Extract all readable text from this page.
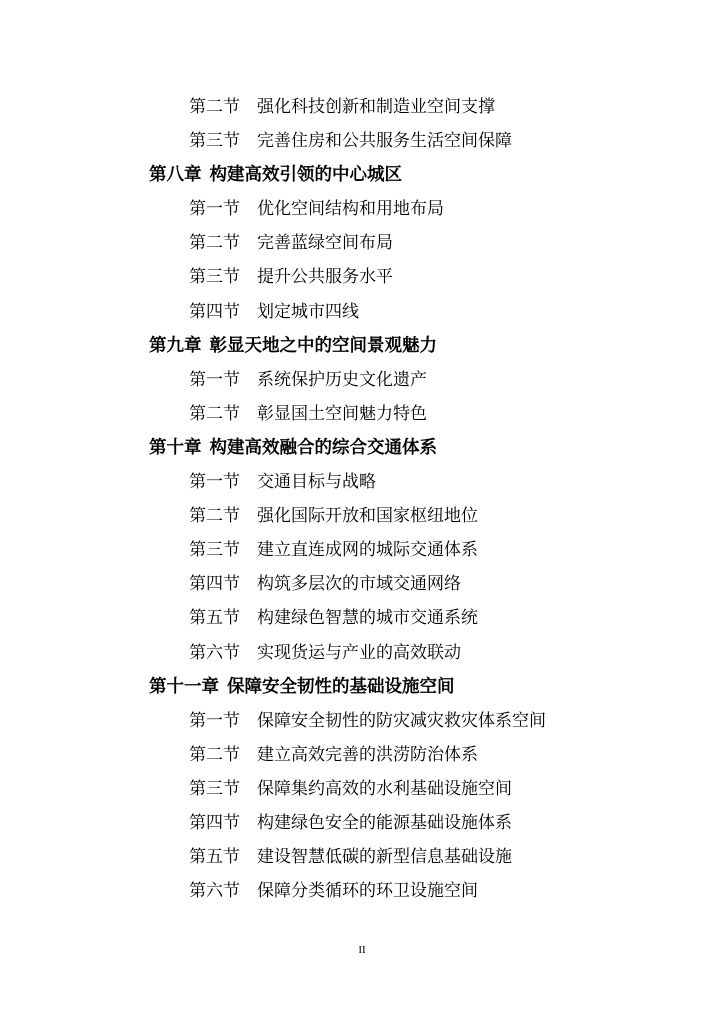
第二节 强化科技创新和制造业空间支撑
第三节 完善住房和公共服务生活空间保障
第八章 构建高效引领的中心城区
第一节 优化空间结构和用地布局
第二节 完善蓝绿空间布局
第三节 提升公共服务水平
第四节 划定城市四线
第九章 彰显天地之中的空间景观魅力
第一节 系统保护历史文化遗产
第二节 彰显国土空间魅力特色
第十章 构建高效融合的综合交通体系
第一节 交通目标与战略
第二节 强化国际开放和国家枢纽地位
第三节 建立直连成网的城际交通体系
第四节 构筑多层次的市域交通网络
第五节 构建绿色智慧的城市交通系统
第六节 实现货运与产业的高效联动
第十一章 保障安全韧性的基础设施空间
第一节 保障安全韧性的防灾减灾救灾体系空间
第二节 建立高效完善的洪涝防治体系
第三节 保障集约高效的水利基础设施空间
第四节 构建绿色安全的能源基础设施体系
第五节 建设智慧低碳的新型信息基础设施
第六节 保障分类循环的环卫设施空间
II
